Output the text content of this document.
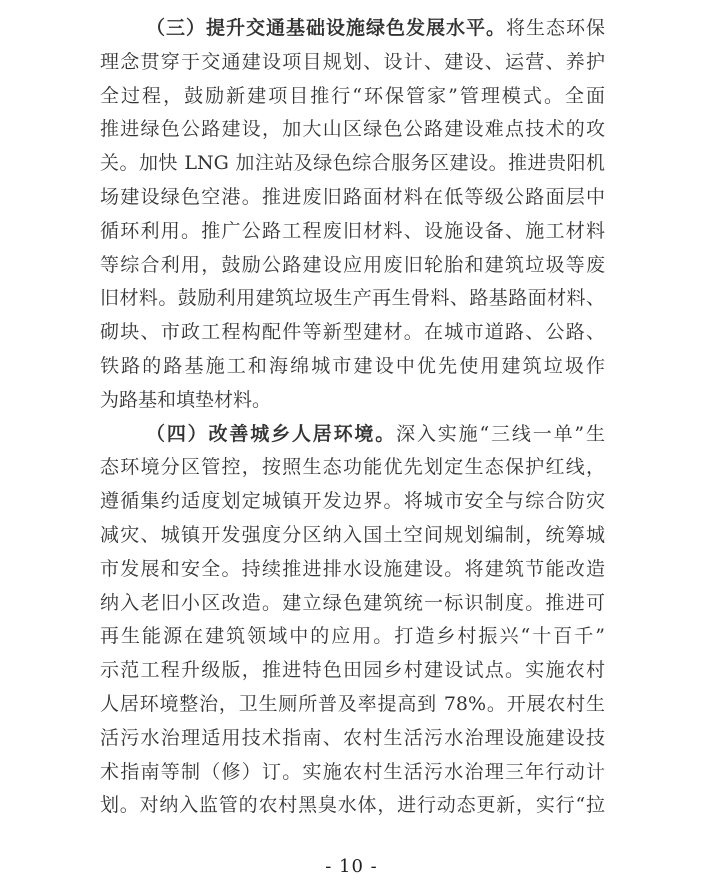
（三）提升交通基础设施绿色发展水平。将生态环保
理念贯穿于交通建设项目规划、设计、建设、运营、养护
全过程，鼓励新建项目推行“环保管家”管理模式。全面
推进绿色公路建设，加大山区绿色公路建设难点技术的攻
关。加快 LNG 加注站及绿色综合服务区建设。推进贵阳机
场建设绿色空港。推进废旧路面材料在低等级公路面层中
循环利用。推广公路工程废旧材料、设施设备、施工材料
等综合利用，鼓励公路建设应用废旧轮胎和建筑垃圾等废
旧材料。鼓励利用建筑垃圾生产再生骨料、路基路面材料、
砌块、市政工程构配件等新型建材。在城市道路、公路、
铁路的路基施工和海绵城市建设中优先使用建筑垃圾作
为路基和填垫材料。
（四）改善城乡人居环境。深入实施“三线一单”生
态环境分区管控，按照生态功能优先划定生态保护红线，
遵循集约适度划定城镇开发边界。将城市安全与综合防灾
减灾、城镇开发强度分区纳入国土空间规划编制，统筹城
市发展和安全。持续推进排水设施建设。将建筑节能改造
纳入老旧小区改造。建立绿色建筑统一标识制度。推进可
再生能源在建筑领域中的应用。打造乡村振兴“十百千”
示范工程升级版，推进特色田园乡村建设试点。实施农村
人居环境整治，卫生厕所普及率提高到 78%。开展农村生
活污水治理适用技术指南、农村生活污水治理设施建设技
术指南等制（修）订。实施农村生活污水治理三年行动计
划。对纳入监管的农村黑臭水体，进行动态更新，实行“拉
- 10 -
